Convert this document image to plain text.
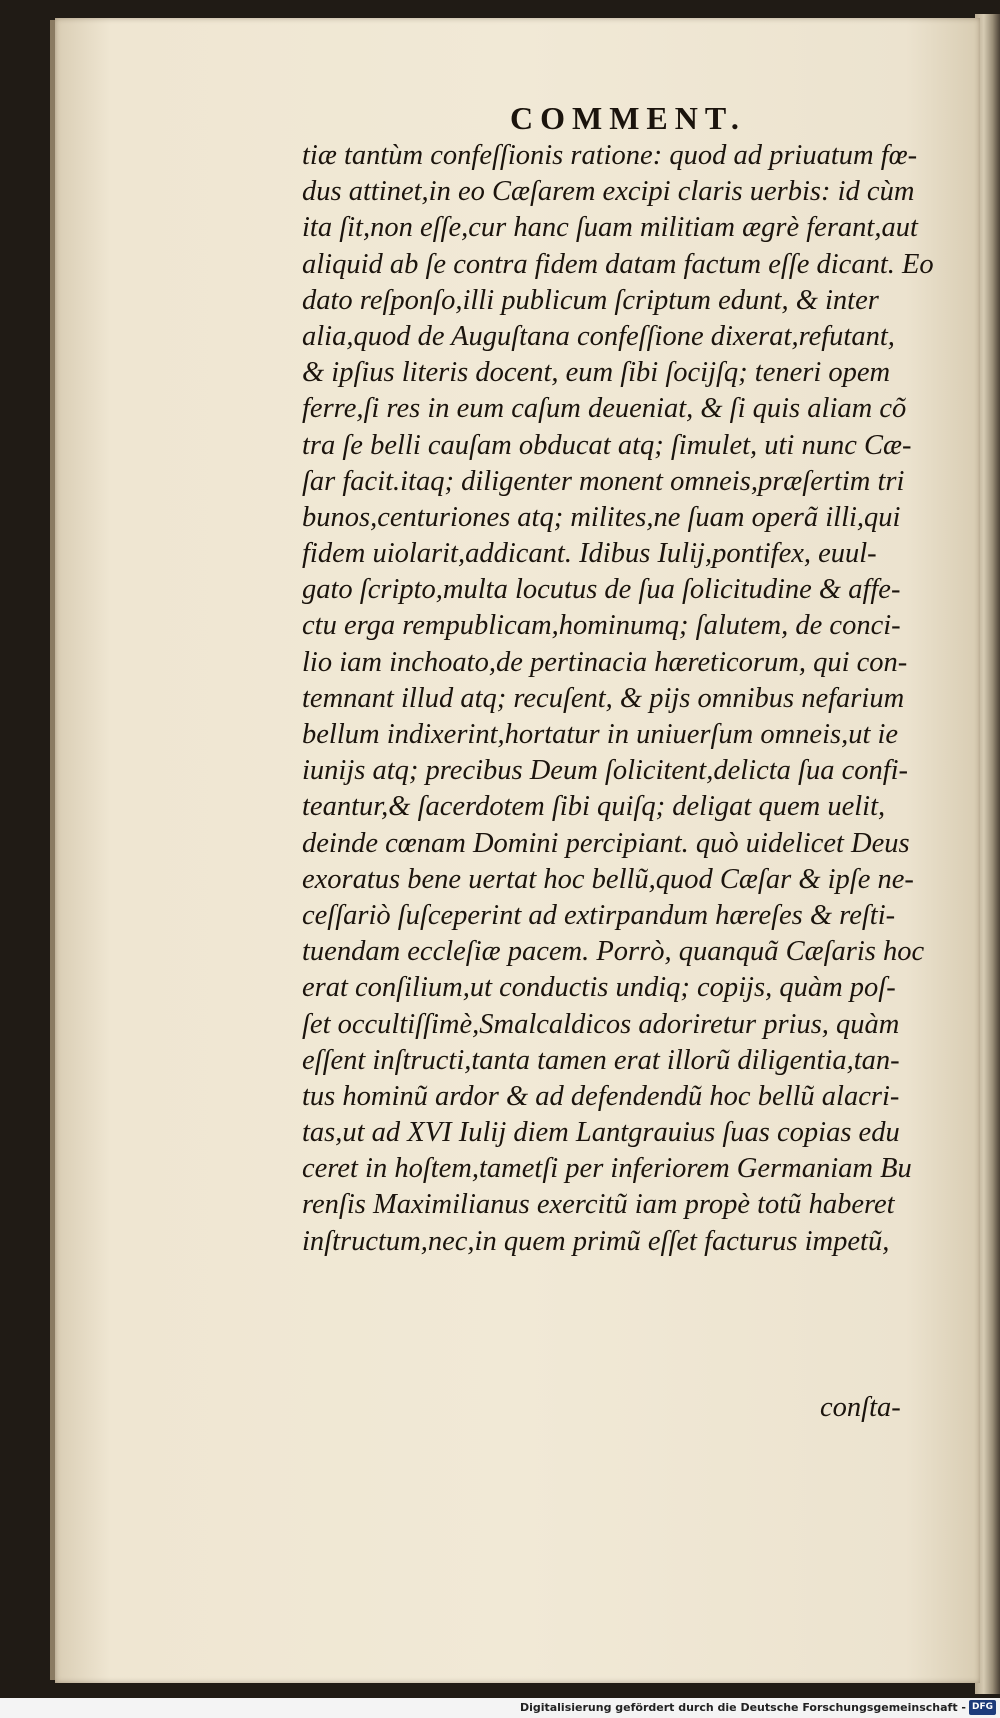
COMMENT.
tiæ tantùm confeſſionis ratione: quod ad priuatum fœ-
dus attinet,in eo Cæſarem excipi claris uerbis: id cùm
ita ſit,non eſſe,cur hanc ſuam militiam ægrè ferant,aut
aliquid ab ſe contra fidem datam factum eſſe dicant. Eo
dato reſponſo,illi publicum ſcriptum edunt, & inter
alia,quod de Auguſtana confeſſione dixerat,refutant,
& ipſius literis docent, eum ſibi ſocijſq; teneri opem
ferre,ſi res in eum caſum deueniat, & ſi quis aliam cõ
tra ſe belli cauſam obducat atq; ſimulet, uti nunc Cæ-
ſar facit.itaq; diligenter monent omneis,præſertim tri
bunos,centuriones atq; milites,ne ſuam operã illi,qui
fidem uiolarit,addicant. Idibus Iulij,pontifex, euul-
gato ſcripto,multa locutus de ſua ſolicitudine & affe-
ctu erga rempublicam,hominumq; ſalutem, de conci-
lio iam inchoato,de pertinacia hæreticorum, qui con-
temnant illud atq; recuſent, & pijs omnibus nefarium
bellum indixerint,hortatur in uniuerſum omneis,ut ie
iunijs atq; precibus Deum ſolicitent,delicta ſua confi-
teantur,& ſacerdotem ſibi quiſq; deligat quem uelit,
deinde cœnam Domini percipiant. quò uidelicet Deus
exoratus bene uertat hoc bellũ,quod Cæſar & ipſe ne-
ceſſariò ſuſceperint ad extirpandum hæreſes & reſti-
tuendam eccleſiæ pacem. Porrò, quanquã Cæſaris hoc
erat conſilium,ut conductis undiq; copijs, quàm poſ-
ſet occultiſſimè,Smalcaldicos adoriretur prius, quàm
eſſent inſtructi,tanta tamen erat illorũ diligentia,tan-
tus hominũ ardor & ad defendendũ hoc bellũ alacri-
tas,ut ad XVI Iulij diem Lantgrauius ſuas copias edu
ceret in hoſtem,tametſi per inferiorem Germaniam Bu
renſis Maximilianus exercitũ iam propè totũ haberet
inſtructum,nec,in quem primũ eſſet facturus impetũ,
conſta-
Digitalisierung gefördert durch die Deutsche Forschungsgemeinschaft - DFG
